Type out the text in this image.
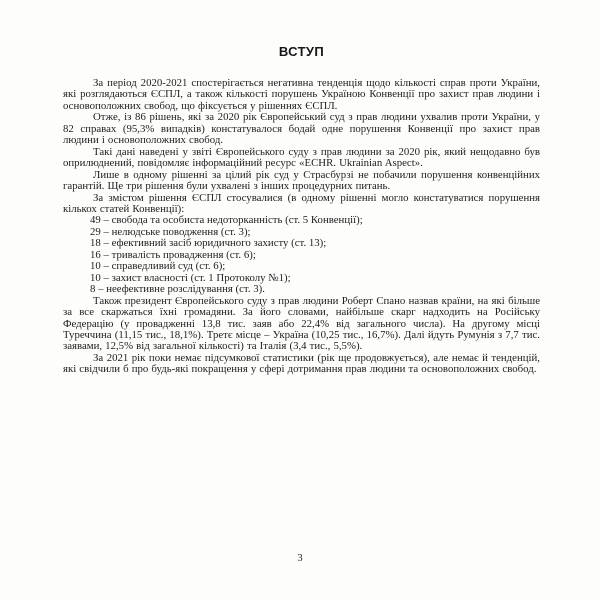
ВСТУП

За період 2020-2021 спостерігається негативна тенденція щодо кількості справ проти України, які розглядаються ЄСПЛ, а також кількості порушень Україною Конвенції про захист прав людини і основоположних свобод, що фіксується у рішеннях ЄСПЛ.

Отже, із 86 рішень, які за 2020 рік Європейський суд з прав людини ухвалив проти України, у 82 справах (95,3% випадків) констатувалося бодай одне порушення Конвенції про захист прав людини і основоположних свобод.

Такі дані наведені у звіті Європейського суду з прав людини за 2020 рік, який нещодавно був оприлюднений, повідомляє інформаційний ресурс «ECHR. Ukrainian Aspect».

Лише в одному рішенні за цілий рік суд у Страсбурзі не побачили порушення конвенційних гарантій. Ще три рішення були ухвалені з інших процедурних питань.

За змістом рішення ЄСПЛ стосувалися (в одному рішенні могло констатуватися порушення кількох статей Конвенції):

49 – свобода та особиста недоторканність (ст. 5 Конвенції);
29 – нелюдське поводження (ст. 3);
18 – ефективний засіб юридичного захисту (ст. 13);
16 – тривалість провадження (ст. 6);
10 – справедливий суд (ст. 6);
10 – захист власності (ст. 1 Протоколу №1);
8 – неефективне розслідування (ст. 3).

Також президент Європейського суду з прав людини Роберт Спано назвав країни, на які більше за все скаржаться їхні громадяни. За його словами, найбільше скарг надходить на Російську Федерацію (у провадженні 13,8 тис. заяв або 22,4% від загального числа). На другому місці Туреччина (11,15 тис., 18,1%). Третє місце – Україна (10,25 тис., 16,7%). Далі йдуть Румунія з 7,7 тис. заявами, 12,5% від загальної кількості) та Італія (3,4 тис., 5,5%).

За 2021 рік поки немає підсумкової статистики (рік ще продовжується), але немає й тенденцій, які свідчили б про будь-які покращення у сфері дотримання прав людини та основоположних свобод.

3
